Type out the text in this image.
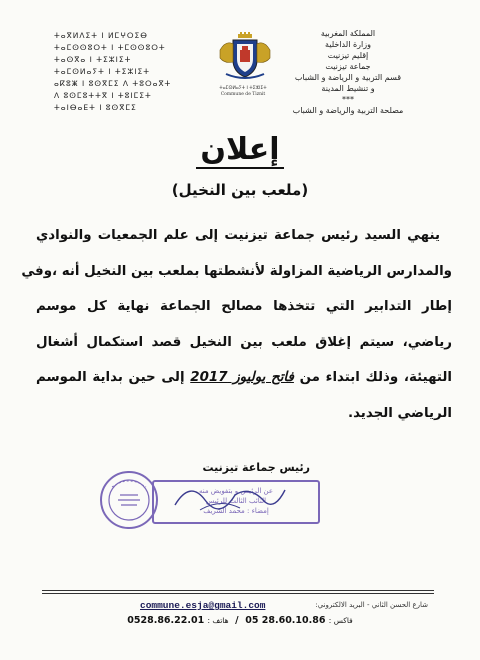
ⵜⴰⴳⵍⴷⵉⵜ ⵏ ⵍⵎⵖⵔⵉⴱ
ⵜⴰⵎⵙⵙⵓⵔⵜ ⵏ ⵜⵎⵙⵙⵓⵔⵜ
ⵜⴰⵙⴳⴰ ⵏ ⵜⵉⵣⵏⵉⵜ
ⵜⴰⵎⵙⵍⴰⵢⵜ ⵏ ⵜⵉⵣⵏⵉⵜ
ⴰⴽⵓⵥ ⵏ ⵓⵙⴳⵎⵉ ⴷ ⵜⵓⵔⴰⴳⵜ
ⴷ ⵓⵙⵎⵓⵜⵜⴳ ⵏ ⵜⵓⵏⵎⵉⵜ
ⵜⴰⵏⴱⴰⴹⵜ ⵏ ⵓⵙⴳⵎⵉ
ⵜⴰⵎⵙⵍⴰⵢⵜ ⵏ ⵜⵉⵣⵏⵉⵜ
Commune de Tiznit
المملكة المغربية
وزارة الداخلية
إقليم تيزنيت
جماعة تيزنيت
قسم التربية و الرياضة و الشباب
و تنشيط المدينة
***
مصلحة التربية والرياضة و الشباب
إعلان
(ملعب بين النخيل)
ينهي السيد رئيس جماعة تيزنيت إلى علم الجمعيات والنوادي
والمدارس الرياضية المزاولة لأنشطتها بملعب بين النخيل أنه ،وفي
إطار التدابير التي تتخذها مصالح الجماعة نهاية كل موسم
رياضي، سيتم إغلاق ملعب بين النخيل قصد استكمال أشغال
التهيئة، وذلك ابتداء من فاتح يوليوز 2017 إلى حين بداية الموسم
الرياضي الجديد.
رئيس جماعة تيزنيت
عن الرئيس و بتفويض منه
النائب الثالث للرئيس
إمضاء : محمد الشريف
commune.esja@gmail.com	شارع الحسن الثاني - البريد الالكتروني:
فاكس : 05 28.60.10.86  /  هاتف : 0528.86.22.01
